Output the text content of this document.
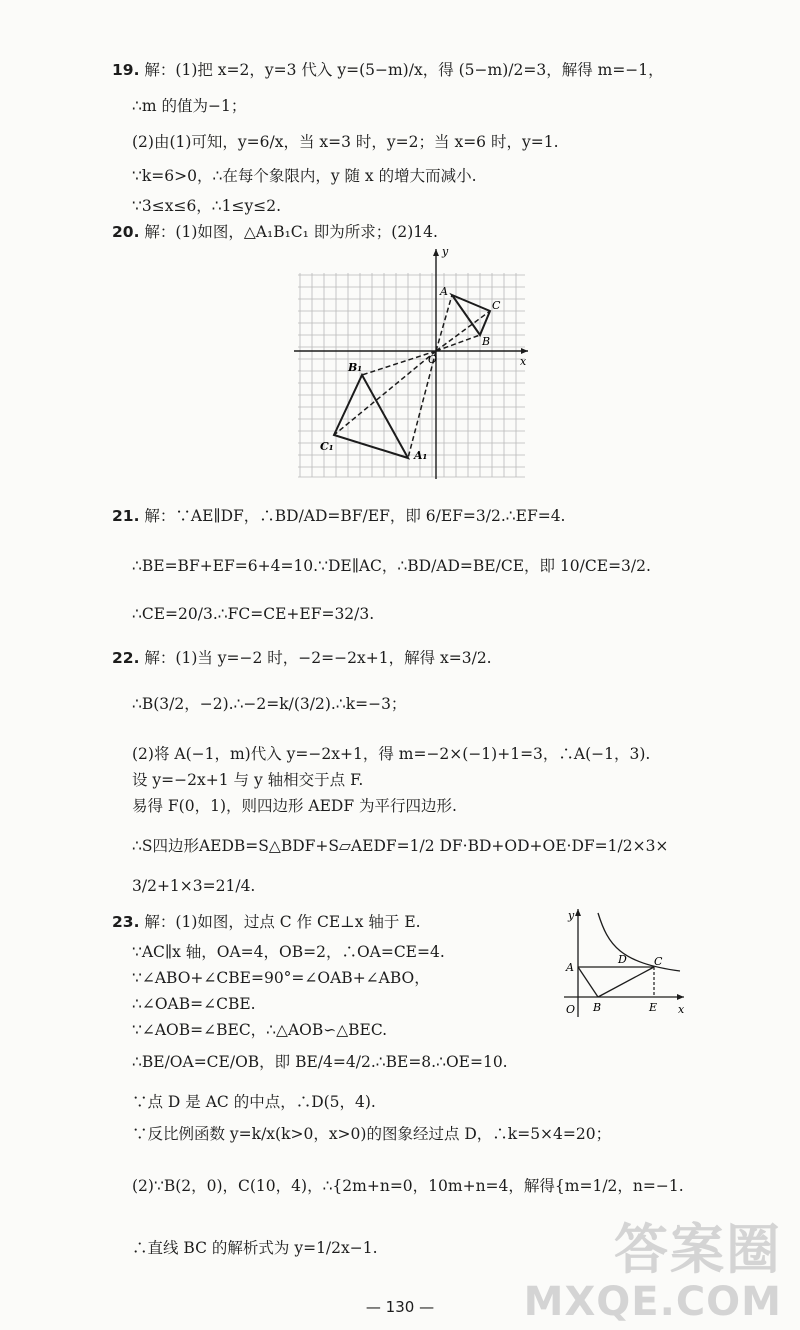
19. 解：(1)把 x=2，y=3 代入 y=(5−m)/x，得 (5−m)/2=3，解得 m=−1，
∴m 的值为−1；
(2)由(1)可知，y=6/x，当 x=3 时，y=2；当 x=6 时，y=1.
∵k=6>0，∴在每个象限内，y 随 x 的增大而减小.
∵3≤x≤6，∴1≤y≤2.
20. 解：(1)如图，△A₁B₁C₁ 即为所求；(2)14.
y
x
O
A
B
C
A₁
B₁
C₁
21. 解：∵AE∥DF，∴BD/AD=BF/EF，即 6/EF=3/2.∴EF=4.
∴BE=BF+EF=6+4=10.∵DE∥AC，∴BD/AD=BE/CE，即 10/CE=3/2.
∴CE=20/3.∴FC=CE+EF=32/3.
22. 解：(1)当 y=−2 时，−2=−2x+1，解得 x=3/2.
∴B(3/2，−2).∴−2=k/(3/2).∴k=−3；
(2)将 A(−1，m)代入 y=−2x+1，得 m=−2×(−1)+1=3，∴A(−1，3).
设 y=−2x+1 与 y 轴相交于点 F.
易得 F(0，1)，则四边形 AEDF 为平行四边形.
∴S四边形AEDB=S△BDF+S▱AEDF=1/2 DF·BD+OD+OE·DF=1/2×3×
3/2+1×3=21/4.
23. 解：(1)如图，过点 C 作 CE⊥x 轴于 E.
∵AC∥x 轴，OA=4，OB=2，∴OA=CE=4.
∵∠ABO+∠CBE=90°=∠OAB+∠ABO，
∴∠OAB=∠CBE.
∵∠AOB=∠BEC，∴△AOB∽△BEC.
∴BE/OA=CE/OB，即 BE/4=4/2.∴BE=8.∴OE=10.
∵点 D 是 AC 的中点，∴D(5，4).
∵反比例函数 y=k/x(k>0，x>0)的图象经过点 D，∴k=5×4=20；
(2)∵B(2，0)，C(10，4)，∴{2m+n=0，10m+n=4，解得{m=1/2，n=−1.
∴直线 BC 的解析式为 y=1/2x−1.
y
x
O
A
B
C
D
E
— 130 —
答案圈
MXQE.COM
